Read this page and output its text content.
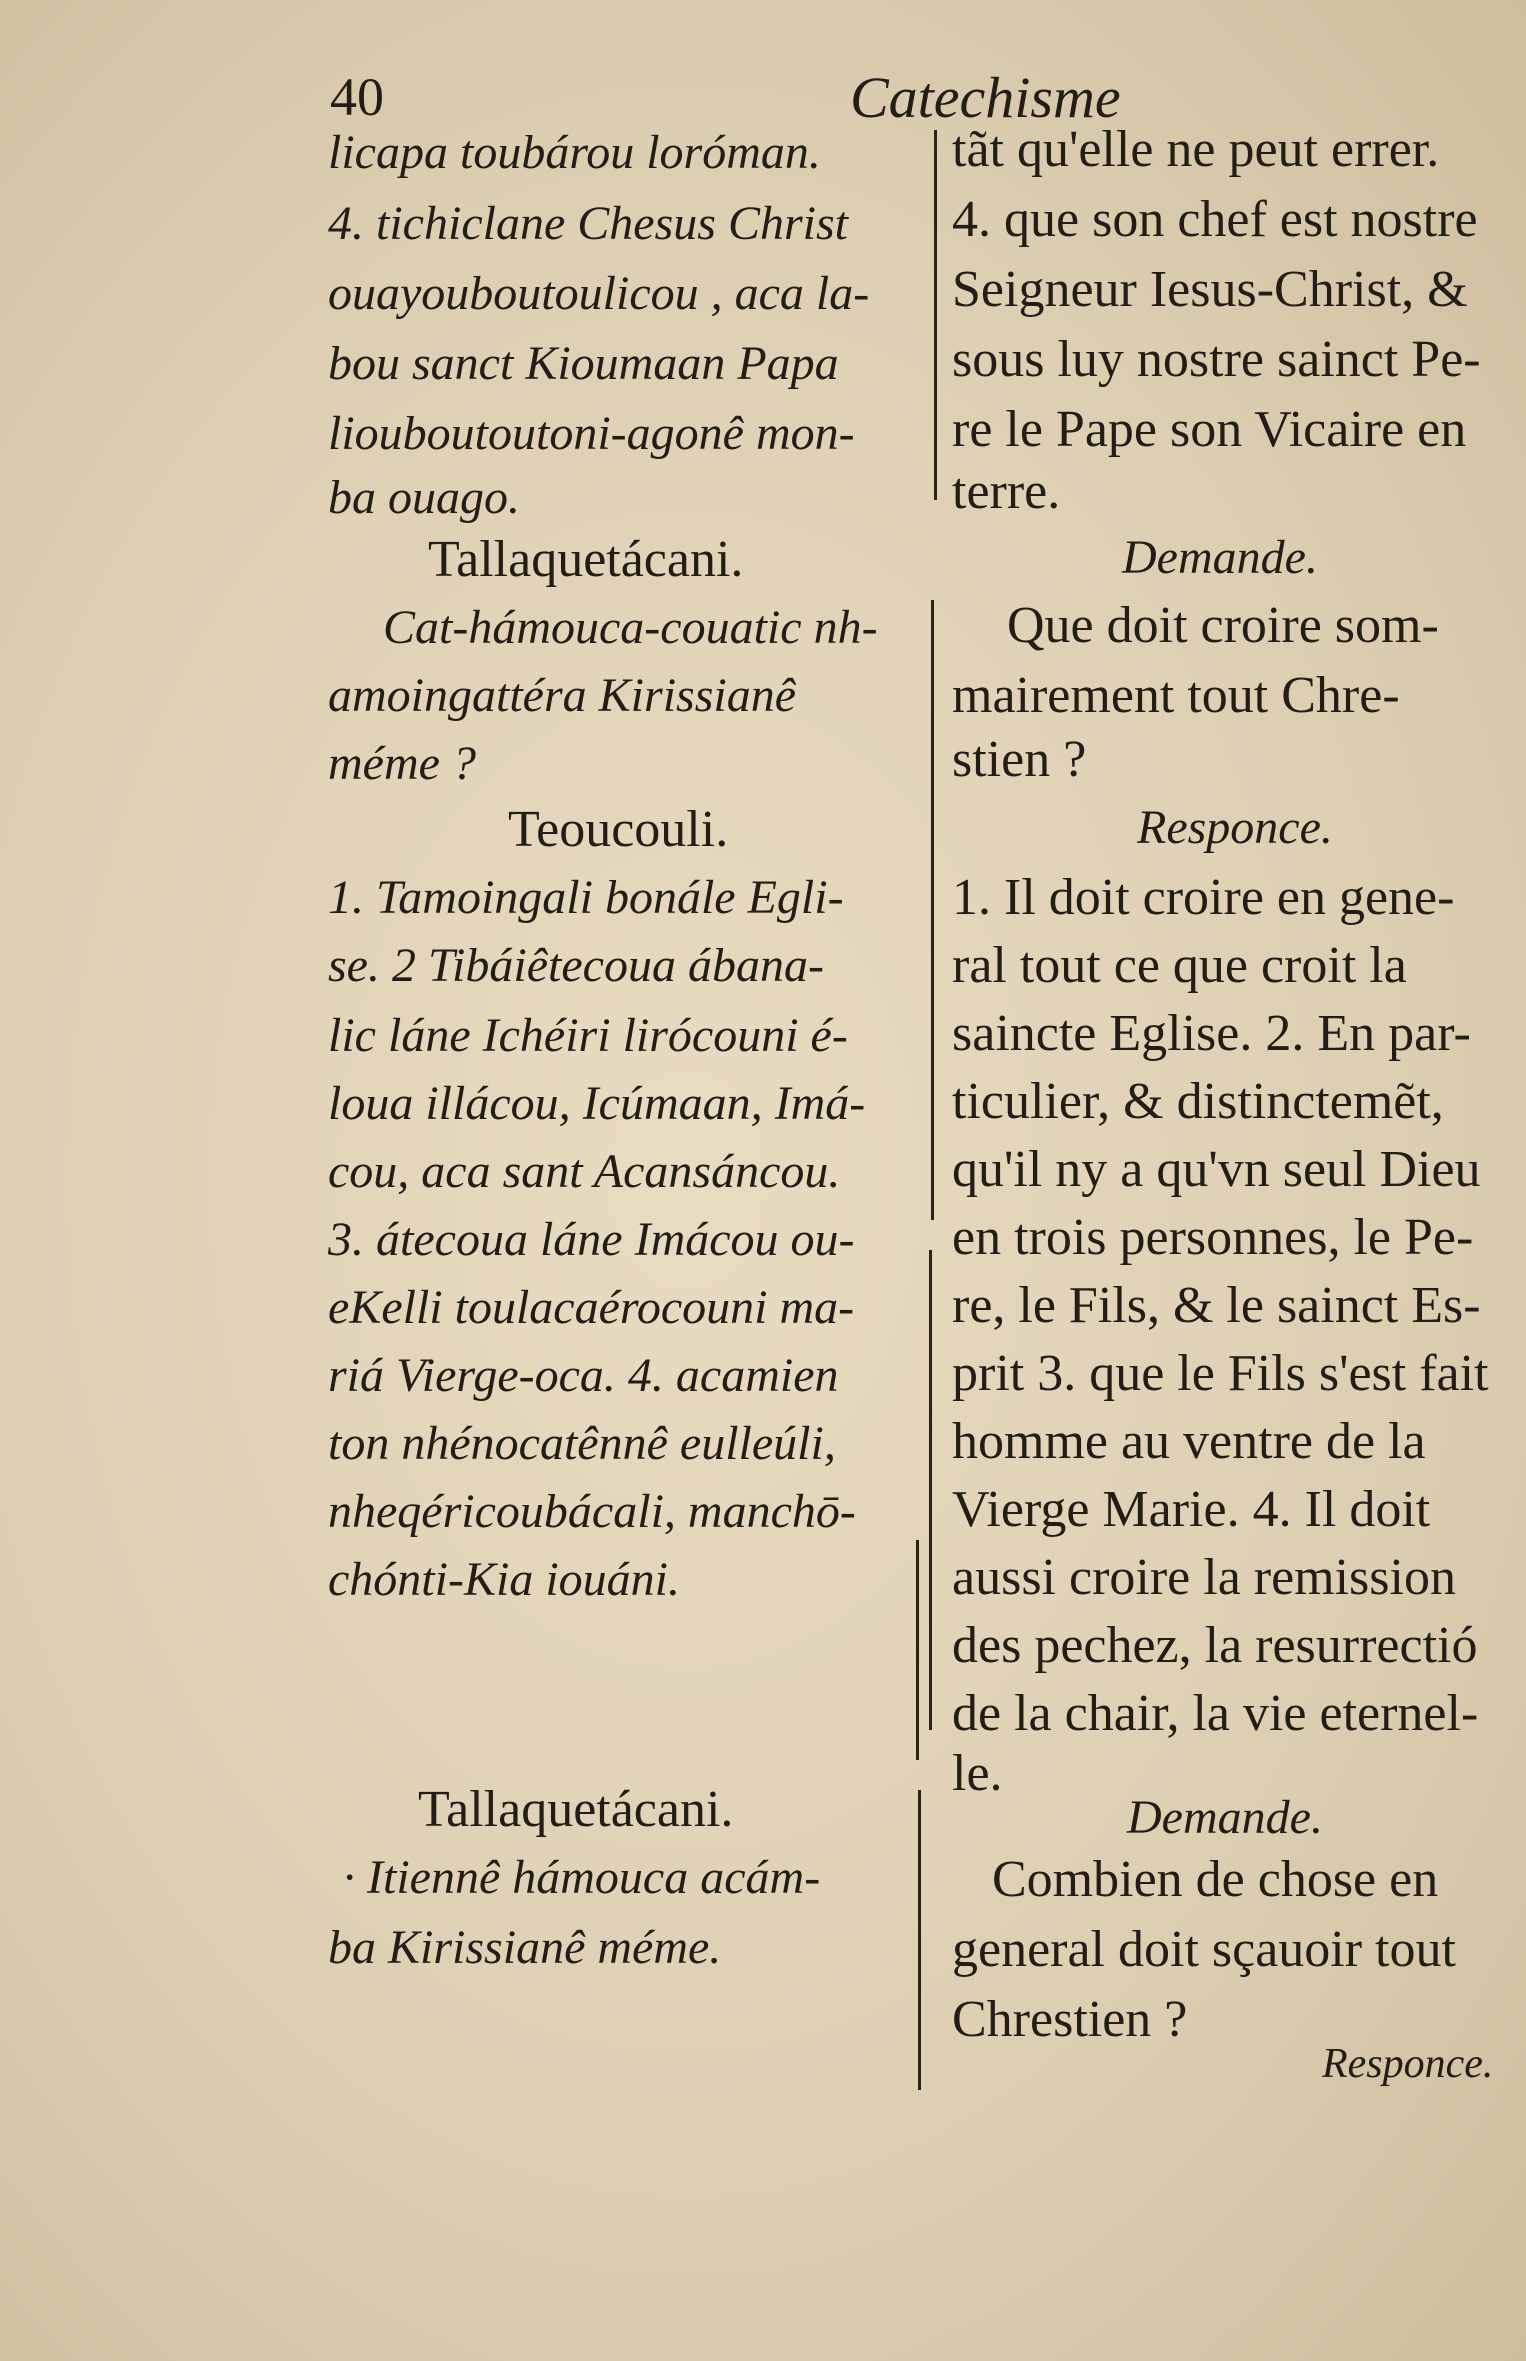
40	Catechisme
licapa toubárou loróman.
4. tichiclane Chesus Christ
ouayouboutoulicou , aca la-
bou sanct Kioumaan Papa
liouboutoutoni-agonê mon-
ba ouago.
Tallaquetácani.
Cat-hámouca-couatic nh-
amoingattéra Kirissianê
méme ?
Teoucouli.
1. Tamoingali bonále Egli-
se. 2 Tibáiêtecoua ábana-
lic láne Ichéiri lirócouni é-
loua illácou, Icúmaan, Imá-
cou, aca sant Acansáncou.
3. átecoua láne Imácou ou-
eKelli toulacaérocouni ma-
riá Vierge-oca. 4. acamien
ton nhénocatênnê eulleúli,
nheqéricoubácali, manchō-
chónti-Kia iouáni.
Tallaquetácani.
· Itiennê hámouca acám-
ba Kirissianê méme.
tãt qu'elle ne peut errer.
4. que son chef est nostre
Seigneur Iesus-Christ, &
sous luy nostre sainct Pe-
re le Pape son Vicaire en
terre.
Demande.
Que doit croire som-
mairement tout Chre-
stien ?
Responce.
1. Il doit croire en gene-
ral tout ce que croit la
saincte Eglise. 2. En par-
ticulier, & distinctemẽt,
qu'il ny a qu'vn seul Dieu
en trois personnes, le Pe-
re, le Fils, & le sainct Es-
prit 3. que le Fils s'est fait
homme au ventre de la
Vierge Marie. 4. Il doit
aussi croire la remission
des pechez, la resurrectió
de la chair, la vie eternel-
le.
Demande.
Combien de chose en
general doit sçauoir tout
Chrestien ?
Responce.
